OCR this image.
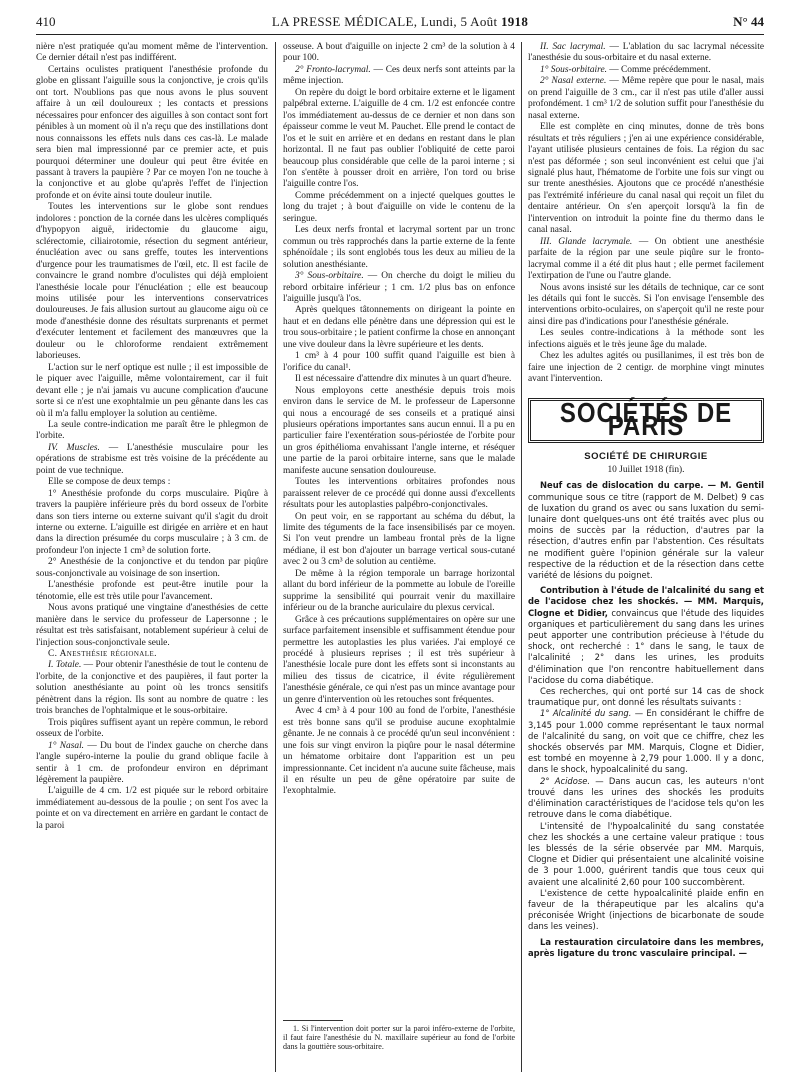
410	LA PRESSE MÉDICALE, Lundi, 5 Août 1918	N° 44

nière n'est pratiquée qu'au moment même de l'intervention. Ce dernier détail n'est pas indifférent.

Certains oculistes pratiquent l'anesthésie profonde du globe en glissant l'aiguille sous la conjonctive, je crois qu'ils ont tort. N'oublions pas que nous avons le plus souvent affaire à un œil douloureux ; les contacts et pressions nécessaires pour enfoncer des aiguilles à son contact sont fort pénibles à un moment où il n'a reçu que des instillations dont nous connaissons les effets nuls dans ces cas-là. Le malade sera bien mal impressionné par ce premier acte, et puis pourquoi déterminer une douleur qui peut être évitée en passant à travers la paupière ? Par ce moyen l'on ne touche à la conjonctive et au globe qu'après l'effet de l'injection profonde et on évite ainsi toute douleur inutile.

Toutes les interventions sur le globe sont rendues indolores : ponction de la cornée dans les ulcères compliqués d'hypopyon aiguë, iridectomie du glaucome aigu, sclérectomie, ciliairotomie, résection du segment antérieur, énucléation avec ou sans greffe, toutes les interventions d'urgence pour les traumatismes de l'œil, etc. Il est facile de convaincre le grand nombre d'oculistes qui déjà emploient l'anesthésie locale pour l'énucléation ; elle est beaucoup moins utilisée pour les interventions conservatrices douloureuses. Je fais allusion surtout au glaucome aigu où ce mode d'anesthésie donne des résultats surprenants et permet d'exécuter lentement et facilement des manœuvres que la douleur ou le chloroforme rendaient extrêmement laborieuses.

L'action sur le nerf optique est nulle ; il est impossible de le piquer avec l'aiguille, même volontairement, car il fuit devant elle ; je n'ai jamais vu aucune complication d'aucune sorte si ce n'est une exophtalmie un peu gênante dans les cas où il m'a fallu employer la solution au centième.

La seule contre-indication me paraît être le phlegmon de l'orbite.

IV. Muscles. — L'anesthésie musculaire pour les opérations de strabisme est très voisine de la précédente au point de vue technique.

Elle se compose de deux temps :

1° Anesthésie profonde du corps musculaire. Piqûre à travers la paupière inférieure près du bord osseux de l'orbite dans son tiers interne ou externe suivant qu'il s'agit du droit interne ou externe. L'aiguille est dirigée en arrière et en haut dans la direction présumée du corps musculaire ; à 3 cm. de profondeur l'on injecte 1 cm³ de solution forte.

2° Anesthésie de la conjonctive et du tendon par piqûre sous-conjonctivale au voisinage de son insertion.

L'anesthésie profonde est peut-être inutile pour la ténotomie, elle est très utile pour l'avancement.

Nous avons pratiqué une vingtaine d'anesthésies de cette manière dans le service du professeur de Lapersonne ; le résultat est très satisfaisant, notablement supérieur à celui de l'injection sous-conjonctivale seule.

C. Anesthésie régionale.

I. Totale. — Pour obtenir l'anesthésie de tout le contenu de l'orbite, de la conjonctive et des paupières, il faut porter la solution anesthésiante au point où les troncs sensitifs pénètrent dans la région. Ils sont au nombre de quatre : les trois branches de l'ophtalmique et le sous-orbitaire.

Trois piqûres suffisent ayant un repère commun, le rebord osseux de l'orbite.

1° Nasal. — Du bout de l'index gauche on cherche dans l'angle supéro-interne la poulie du grand oblique facile à sentir à 1 cm. de profondeur environ en déprimant légèrement la paupière.

L'aiguille de 4 cm. 1/2 est piquée sur le rebord orbitaire immédiatement au-dessous de la poulie ; on sent l'os avec la pointe et on va directement en arrière en gardant le contact de la paroi

osseuse. A bout d'aiguille on injecte 2 cm³ de la solution à 4 pour 100.

2° Fronto-lacrymal. — Ces deux nerfs sont atteints par la même injection.

On repère du doigt le bord orbitaire externe et le ligament palpébral externe. L'aiguille de 4 cm. 1/2 est enfoncée contre l'os immédiatement au-dessus de ce dernier et non dans son épaisseur comme le veut M. Pauchet. Elle prend le contact de l'os et le suit en arrière et en dedans en restant dans le plan horizontal. Il ne faut pas oublier l'obliquité de cette paroi beaucoup plus considérable que celle de la paroi interne ; si l'on s'entête à pousser droit en arrière, l'on tord ou brise l'aiguille contre l'os.

Comme précédemment on a injecté quelques gouttes le long du trajet ; à bout d'aiguille on vide le contenu de la seringue.

Les deux nerfs frontal et lacrymal sortent par un tronc commun ou très rapprochés dans la partie externe de la fente sphénoïdale ; ils sont englobés tous les deux au milieu de la solution anesthésiante.

3° Sous-orbitaire. — On cherche du doigt le milieu du rebord orbitaire inférieur ; 1 cm. 1/2 plus bas on enfonce l'aiguille jusqu'à l'os.

Après quelques tâtonnements on dirigeant la pointe en haut et en dedans elle pénètre dans une dépression qui est le trou sous-orbitaire ; le patient confirme la chose en annonçant une vive douleur dans la lèvre supérieure et les dents.

1 cm³ à 4 pour 100 suffit quand l'aiguille est bien à l'orifice du canal¹.

Il est nécessaire d'attendre dix minutes à un quart d'heure.

Nous employons cette anesthésie depuis trois mois environ dans le service de M. le professeur de Lapersonne qui nous a encouragé de ses conseils et a pratiqué ainsi plusieurs opérations importantes sans aucun ennui. Il a pu en particulier faire l'exentération sous-périostée de l'orbite pour un gros épithélioma envahissant l'angle interne, et réséquer une partie de la paroi orbitaire interne, sans que le malade manifeste aucune sensation douloureuse.

Toutes les interventions orbitaires profondes nous paraissent relever de ce procédé qui donne aussi d'excellents résultats pour les autoplasties palpébro-conjonctivales.

On peut voir, en se rapportant au schéma du début, la limite des téguments de la face insensibilisés par ce moyen. Si l'on veut prendre un lambeau frontal près de la ligne médiane, il est bon d'ajouter un barrage vertical sous-cutané avec 2 ou 3 cm³ de solution au centième.

De même à la région temporale un barrage horizontal allant du bord inférieur de la pommette au lobule de l'oreille supprime la sensibilité qui pourrait venir du maxillaire inférieur ou de la branche auriculaire du plexus cervical.

Grâce à ces précautions supplémentaires on opère sur une surface parfaitement insensible et suffisamment étendue pour permettre les autoplasties les plus variées. J'ai employé ce procédé à plusieurs reprises ; il est très supérieur à l'anesthésie locale pure dont les effets sont si inconstants au milieu des tissus de cicatrice, il évite régulièrement l'anesthésie générale, ce qui n'est pas un mince avantage pour un genre d'intervention où les retouches sont fréquentes.

Avec 4 cm³ à 4 pour 100 au fond de l'orbite, l'anesthésie est très bonne sans qu'il se produise aucune exophtalmie gênante. Je ne connais à ce procédé qu'un seul inconvénient : une fois sur vingt environ la piqûre pour le nasal détermine un hématome orbitaire dont l'apparition est un peu impressionnante. Cet incident n'a aucune suite fâcheuse, mais il en résulte un peu de gêne opératoire par suite de l'exophtalmie.

1. Si l'intervention doit porter sur la paroi inféro-externe de l'orbite, il faut faire l'anesthésie du N. maxillaire supérieur au fond de l'orbite dans la gouttière sous-orbitaire.

II. Sac lacrymal. — L'ablation du sac lacrymal nécessite l'anesthésie du sous-orbitaire et du nasal externe.

1° Sous-orbitaire. — Comme précédemment.

2° Nasal externe. — Même repère que pour le nasal, mais on prend l'aiguille de 3 cm., car il n'est pas utile d'aller aussi profondément. 1 cm³ 1/2 de solution suffit pour l'anesthésie du nasal externe.

Elle est complète en cinq minutes, donne de très bons résultats et très réguliers ; j'en ai une expérience considérable, l'ayant utilisée plusieurs centaines de fois. La région du sac n'est pas déformée ; son seul inconvénient est celui que j'ai signalé plus haut, l'hématome de l'orbite une fois sur vingt ou sur trente anesthésies. Ajoutons que ce procédé n'anesthésie pas l'extrémité inférieure du canal nasal qui reçoit un filet du dentaire antérieur. On s'en aperçoit lorsqu'à la fin de l'intervention on introduit la pointe fine du thermo dans le canal nasal.

III. Glande lacrymale. — On obtient une anesthésie parfaite de la région par une seule piqûre sur le fronto-lacrymal comme il a été dit plus haut ; elle permet facilement l'extirpation de l'une ou l'autre glande.

Nous avons insisté sur les détails de technique, car ce sont les détails qui font le succès. Si l'on envisage l'ensemble des interventions orbito-oculaires, on s'aperçoit qu'il ne reste pour ainsi dire pas d'indications pour l'anesthésie générale.

Les seules contre-indications à la méthode sont les infections aiguës et le très jeune âge du malade.

Chez les adultes agités ou pusillanimes, il est très bon de faire une injection de 2 centigr. de morphine vingt minutes avant l'intervention.

SOCIÉTÉS DE PARIS
SOCIÉTÉ DE CHIRURGIE
10 Juillet 1918 (fin).

Neuf cas de dislocation du carpe. — M. Gentil communique sous ce titre (rapport de M. Delbet) 9 cas de luxation du grand os avec ou sans luxation du semi-lunaire dont quelques-uns ont été traités avec plus ou moins de succès par la réduction, d'autres par la résection, d'autres enfin par l'abstention. Ces résultats ne modifient guère l'opinion générale sur la valeur respective de la réduction et de la résection dans cette variété de lésions du poignet.

Contribution à l'étude de l'alcalinité du sang et de l'acidose chez les shockés. — MM. Marquis, Clogne et Didier, convaincus que l'étude des liquides organiques et particulièrement du sang dans les urines peut apporter une contribution précieuse à l'étude du shock, ont recherché : 1° dans le sang, le taux de l'alcalinité ; 2° dans les urines, les produits d'élimination que l'on rencontre habituellement dans l'acidose du coma diabétique.

Ces recherches, qui ont porté sur 14 cas de shock traumatique pur, ont donné les résultats suivants :

1° Alcalinité du sang. — En considérant le chiffre de 3,145 pour 1.000 comme représentant le taux normal de l'alcalinité du sang, on voit que ce chiffre, chez les shockés observés par MM. Marquis, Clogne et Didier, est tombé en moyenne à 2,79 pour 1.000. Il y a donc, dans le shock, hypoalcalinité du sang.

2° Acidose. — Dans aucun cas, les auteurs n'ont trouvé dans les urines des shockés les produits d'élimination caractéristiques de l'acidose tels qu'on les retrouve dans le coma diabétique.

L'intensité de l'hypoalcalinité du sang constatée chez les shockés a une certaine valeur pratique : tous les blessés de la série observée par MM. Marquis, Clogne et Didier qui présentaient une alcalinité voisine de 3 pour 1.000, guérirent tandis que tous ceux qui avaient une alcalinité 2,60 pour 100 succombèrent.

L'existence de cette hypoalcalinité plaide enfin en faveur de la thérapeutique par les alcalins qu'a préconisée Wright (injections de bicarbonate de soude dans les veines).

La restauration circulatoire dans les membres, après ligature du tronc vasculaire principal. —
